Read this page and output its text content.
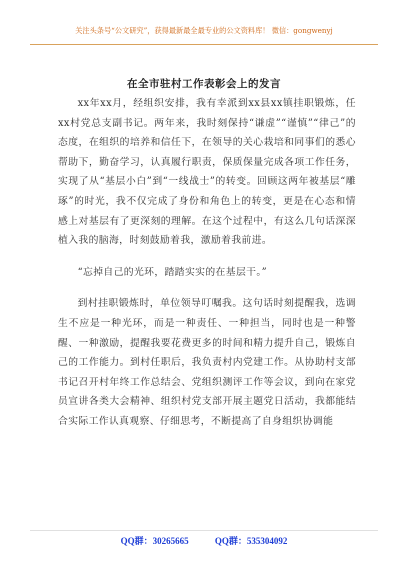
关注头条号“公文研究”，获得最新最全最专业的公文资料库！ 微信：gongwenyj
在全市驻村工作表彰会上的发言

xx年xx月，经组织安排，我有幸派到xx县xx镇挂职锻炼，任xx村党总支副书记。两年来，我时刻保持“谦虚”“谨慎”“律己”的态度，在组织的培养和信任下，在领导的关心栽培和同事们的悉心帮助下，勤奋学习，认真履行职责，保质保量完成各项工作任务，实现了从“基层小白”到“一线战士”的转变。回顾这两年被基层“雕琢”的时光，我不仅完成了身份和角色上的转变，更是在心态和情感上对基层有了更深刻的理解。在这个过程中，有这么几句话深深植入我的脑海，时刻鼓励着我，激励着我前进。

“忘掉自己的光环，踏踏实实的在基层干。”

到村挂职锻炼时，单位领导叮嘱我。这句话时刻提醒我，选调生不应是一种光环，而是一种责任、一种担当，同时也是一种警醒、一种激励，提醒我要花费更多的时间和精力提升自己，锻炼自己的工作能力。到村任职后，我负责村内党建工作。从协助村支部书记召开村年终工作总结会、党组织测评工作等会议，到向在家党员宣讲各类大会精神、组织村党支部开展主题党日活动，我都能结合实际工作认真观察、仔细思考，不断提高了自身组织协调能

QQ群：30265665	QQ群：535304092
